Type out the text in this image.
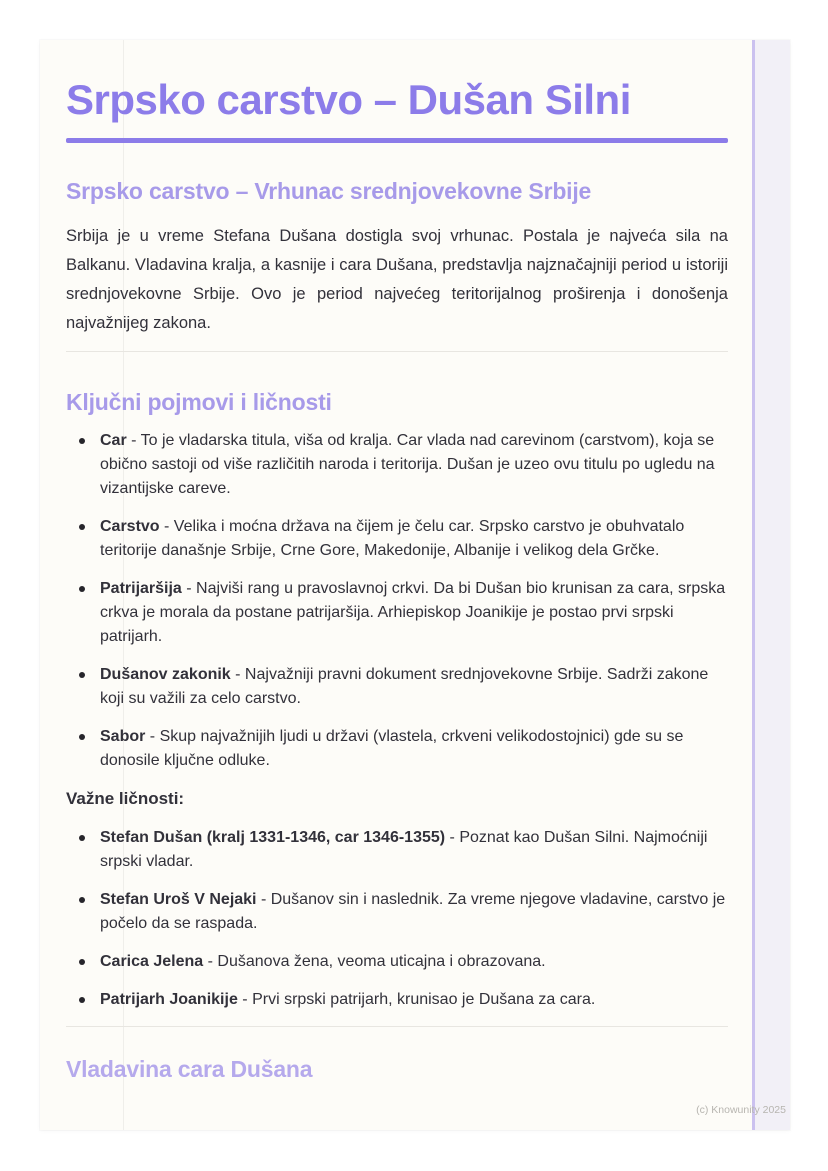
Srpsko carstvo – Dušan Silni
Srpsko carstvo – Vrhunac srednjovekovne Srbije

Srbija je u vreme Stefana Dušana dostigla svoj vrhunac. Postala je najveća sila na Balkanu. Vladavina kralja, a kasnije i cara Dušana, predstavlja najznačajniji period u istoriji srednjovekovne Srbije. Ovo je period najvećeg teritorijalnog proširenja i donošenja najvažnijeg zakona.

Ključni pojmovi i ličnosti
Car - To je vladarska titula, viša od kralja. Car vlada nad carevinom (carstvom), koja se obično sastoji od više različitih naroda i teritorija. Dušan je uzeo ovu titulu po ugledu na vizantijske careve.
Carstvo - Velika i moćna država na čijem je čelu car. Srpsko carstvo je obuhvatalo teritorije današnje Srbije, Crne Gore, Makedonije, Albanije i velikog dela Grčke.
Patrijaršija - Najviši rang u pravoslavnoj crkvi. Da bi Dušan bio krunisan za cara, srpska crkva je morala da postane patrijaršija. Arhiepiskop Joanikije je postao prvi srpski patrijarh.
Dušanov zakonik - Najvažniji pravni dokument srednjovekovne Srbije. Sadrži zakone koji su važili za celo carstvo.
Sabor - Skup najvažnijih ljudi u državi (vlastela, crkveni velikodostojnici) gde su se donosile ključne odluke.

Važne ličnosti:

Stefan Dušan (kralj 1331-1346, car 1346-1355) - Poznat kao Dušan Silni. Najmoćniji srpski vladar.
Stefan Uroš V Nejaki - Dušanov sin i naslednik. Za vreme njegove vladavine, carstvo je počelo da se raspada.
Carica Jelena - Dušanova žena, veoma uticajna i obrazovana.
Patrijarh Joanikije - Prvi srpski patrijarh, krunisao je Dušana za cara.
Vladavina cara Dušana
(c) Knowunity 2025
